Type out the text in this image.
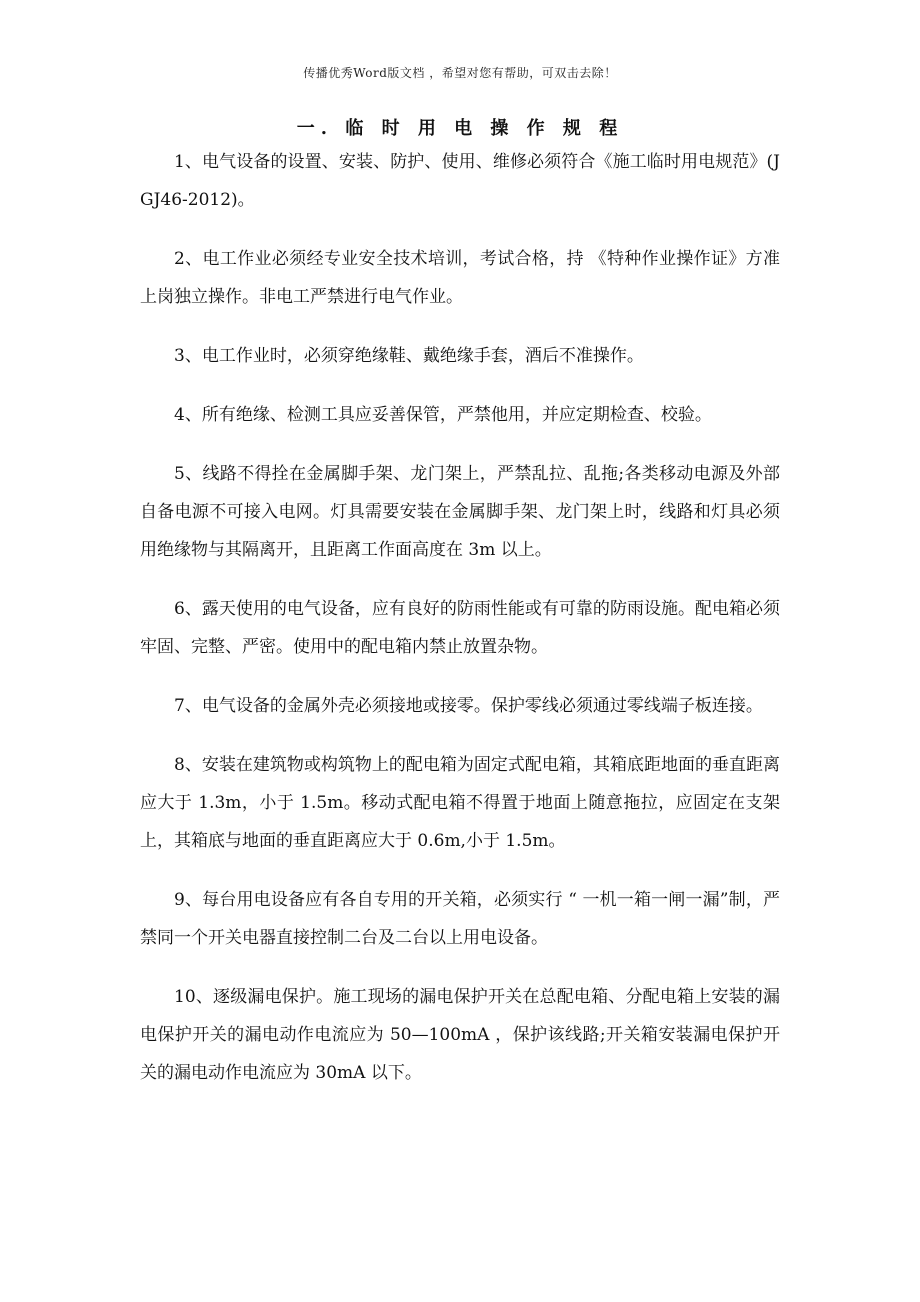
传播优秀Word版文档 ，希望对您有帮助，可双击去除！
一. 临 时 用 电 操 作 规 程

1、电气设备的设置、安装、防护、使用、维修必须符合《施工临时用电规范》(JGJ46-2012)。

2、电工作业必须经专业安全技术培训，考试合格，持 《特种作业操作证》方准上岗独立操作。非电工严禁进行电气作业。

3、电工作业时，必须穿绝缘鞋、戴绝缘手套，酒后不准操作。

4、所有绝缘、检测工具应妥善保管，严禁他用，并应定期检查、校验。

5、线路不得拴在金属脚手架、龙门架上，严禁乱拉、乱拖;各类移动电源及外部自备电源不可接入电网。灯具需要安装在金属脚手架、龙门架上时，线路和灯具必须用绝缘物与其隔离开，且距离工作面高度在 3m 以上。

6、露天使用的电气设备，应有良好的防雨性能或有可靠的防雨设施。配电箱必须牢固、完整、严密。使用中的配电箱内禁止放置杂物。

7、电气设备的金属外壳必须接地或接零。保护零线必须通过零线端子板连接。

8、安装在建筑物或构筑物上的配电箱为固定式配电箱，其箱底距地面的垂直距离应大于 1.3m，小于 1.5m。移动式配电箱不得置于地面上随意拖拉，应固定在支架上，其箱底与地面的垂直距离应大于 0.6m,小于 1.5m。

9、每台用电设备应有各自专用的开关箱，必须实行 “ 一机一箱一闸一漏”制，严禁同一个开关电器直接控制二台及二台以上用电设备。

10、逐级漏电保护。施工现场的漏电保护开关在总配电箱、分配电箱上安装的漏电保护开关的漏电动作电流应为 50—100mA ，保护该线路;开关箱安装漏电保护开关的漏电动作电流应为 30mA 以下。
